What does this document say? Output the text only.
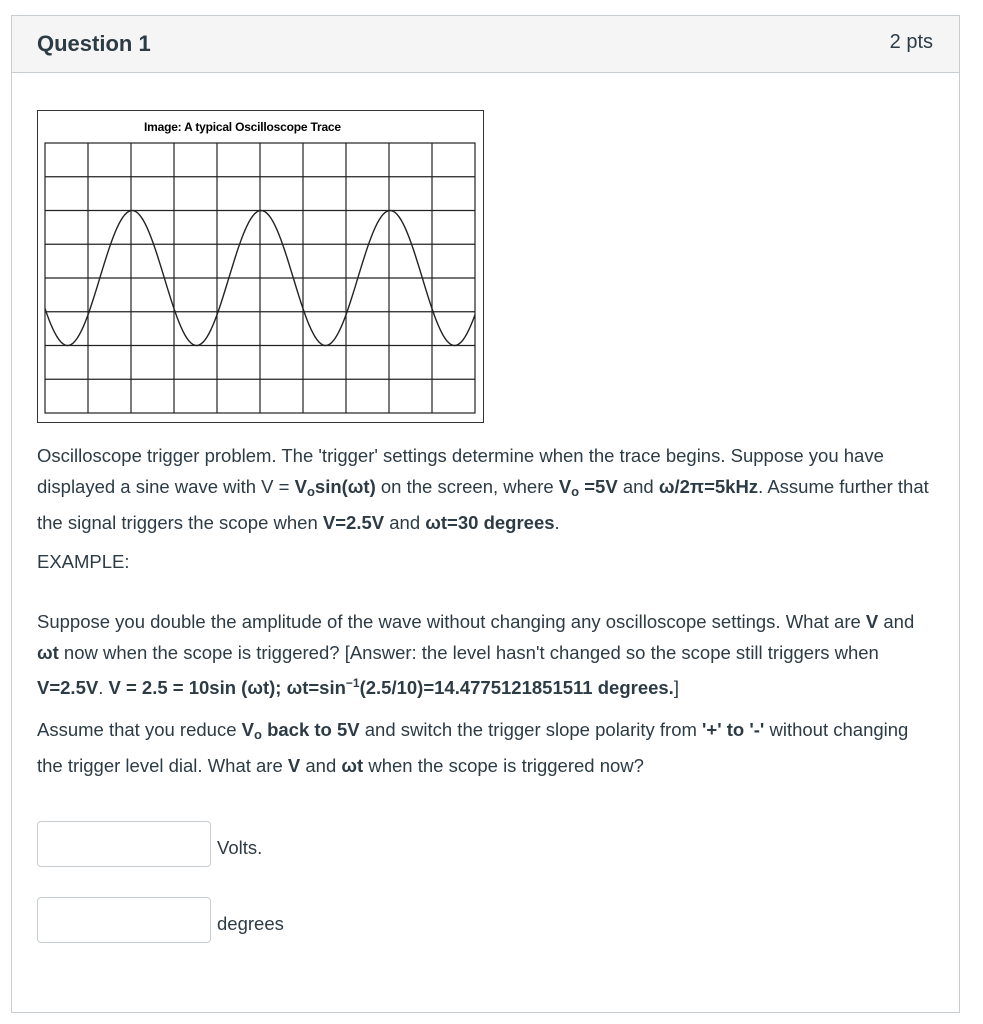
Question 1	2 pts
Image: A typical Oscilloscope Trace
Oscilloscope trigger problem. The 'trigger' settings determine when the trace begins. Suppose you have displayed a sine wave with $V = V_o\sin(\omega t)$ on the screen, where $V_o =5V$ and ω/2π=5kHz. Assume further that the signal triggers the scope when V=2.5V and ωt=30 degrees.
EXAMPLE:
Suppose you double the amplitude of the wave without changing any oscilloscope settings. What are V and ωt now when the scope is triggered? [Answer: the level hasn't changed so the scope still triggers when V=2.5V. V = 2.5 = 10sin (ωt); $\omega t=\sin^{-1}(2.5/10)=14.4775121851511$ degrees.]
Assume that you reduce $V_o$ back to 5V and switch the trigger slope polarity from '+' to '-' without changing the trigger level dial. What are V and ωt when the scope is triggered now?
Volts.
degrees
